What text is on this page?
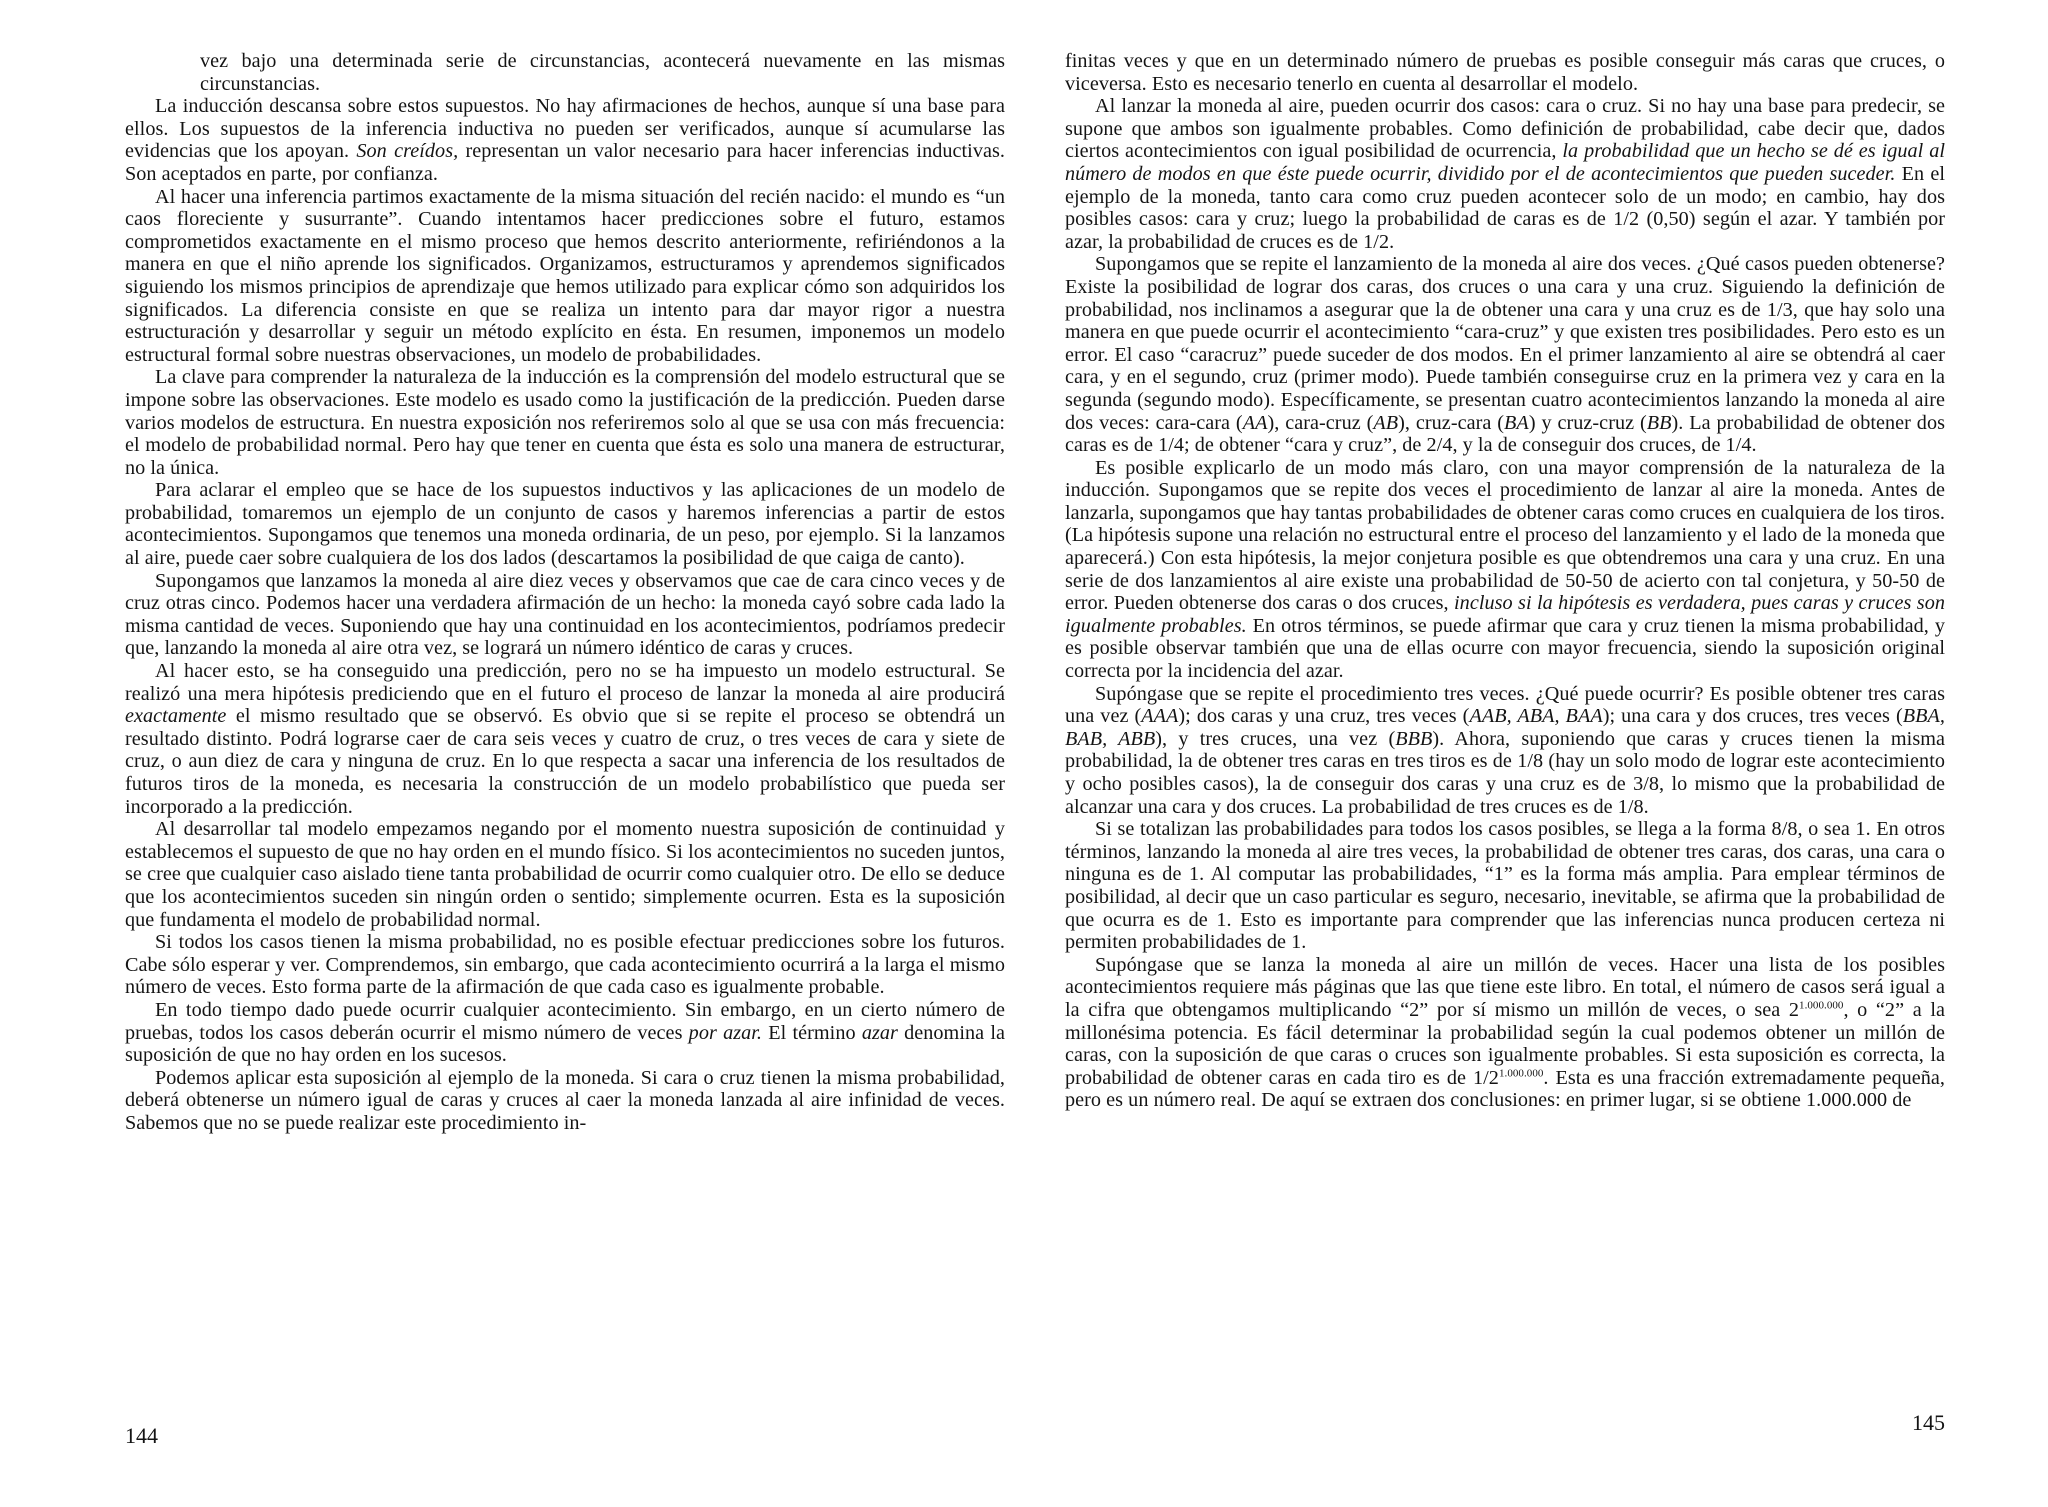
vez bajo una determinada serie de circunstancias, acontecerá nuevamente en las mismas circunstancias.

La inducción descansa sobre estos supuestos. No hay afirmaciones de hechos, aunque sí una base para ellos. Los supuestos de la inferencia inductiva no pueden ser verificados, aunque sí acumularse las evidencias que los apoyan. Son creídos, representan un valor necesario para hacer inferencias inductivas. Son aceptados en parte, por confianza.

Al hacer una inferencia partimos exactamente de la misma situación del recién nacido: el mundo es “un caos floreciente y susurrante”. Cuando intentamos hacer predicciones sobre el futuro, estamos comprometidos exactamente en el mismo proceso que hemos descrito anteriormente, refiriéndonos a la manera en que el niño aprende los significados. Organizamos, estructuramos y aprendemos significados siguiendo los mismos principios de aprendizaje que hemos utilizado para explicar cómo son adquiridos los significados. La diferencia consiste en que se realiza un intento para dar mayor rigor a nuestra estructuración y desarrollar y seguir un método explícito en ésta. En resumen, imponemos un modelo estructural formal sobre nuestras observaciones, un modelo de probabilidades.

La clave para comprender la naturaleza de la inducción es la comprensión del modelo estructural que se impone sobre las observaciones. Este modelo es usado como la justificación de la predicción. Pueden darse varios modelos de estructura. En nuestra exposición nos referiremos solo al que se usa con más frecuencia: el modelo de probabilidad normal. Pero hay que tener en cuenta que ésta es solo una manera de estructurar, no la única.

Para aclarar el empleo que se hace de los supuestos inductivos y las aplicaciones de un modelo de probabilidad, tomaremos un ejemplo de un conjunto de casos y haremos inferencias a partir de estos acontecimientos. Supongamos que tenemos una moneda ordinaria, de un peso, por ejemplo. Si la lanzamos al aire, puede caer sobre cualquiera de los dos lados (descartamos la posibilidad de que caiga de canto).

Supongamos que lanzamos la moneda al aire diez veces y observamos que cae de cara cinco veces y de cruz otras cinco. Podemos hacer una verdadera afirmación de un hecho: la moneda cayó sobre cada lado la misma cantidad de veces. Suponiendo que hay una continuidad en los acontecimientos, podríamos predecir que, lanzando la moneda al aire otra vez, se logrará un número idéntico de caras y cruces.

Al hacer esto, se ha conseguido una predicción, pero no se ha impuesto un modelo estructural. Se realizó una mera hipótesis prediciendo que en el futuro el proceso de lanzar la moneda al aire producirá exactamente el mismo resultado que se observó. Es obvio que si se repite el proceso se obtendrá un resultado distinto. Podrá lograrse caer de cara seis veces y cuatro de cruz, o tres veces de cara y siete de cruz, o aun diez de cara y ninguna de cruz. En lo que respecta a sacar una inferencia de los resultados de futuros tiros de la moneda, es necesaria la construcción de un modelo probabilístico que pueda ser incorporado a la predicción.

Al desarrollar tal modelo empezamos negando por el momento nuestra suposición de continuidad y establecemos el supuesto de que no hay orden en el mundo físico. Si los acontecimientos no suceden juntos, se cree que cualquier caso aislado tiene tanta probabilidad de ocurrir como cualquier otro. De ello se deduce que los acontecimientos suceden sin ningún orden o sentido; simplemente ocurren. Esta es la suposición que fundamenta el modelo de probabilidad normal.

Si todos los casos tienen la misma probabilidad, no es posible efectuar predicciones sobre los futuros. Cabe sólo esperar y ver. Comprendemos, sin embargo, que cada acontecimiento ocurrirá a la larga el mismo número de veces. Esto forma parte de la afirmación de que cada caso es igualmente probable.

En todo tiempo dado puede ocurrir cualquier acontecimiento. Sin embargo, en un cierto número de pruebas, todos los casos deberán ocurrir el mismo número de veces por azar. El término azar denomina la suposición de que no hay orden en los sucesos.

Podemos aplicar esta suposición al ejemplo de la moneda. Si cara o cruz tienen la misma probabilidad, deberá obtenerse un número igual de caras y cruces al caer la moneda lanzada al aire infinidad de veces. Sabemos que no se puede realizar este procedimiento in-

144

finitas veces y que en un determinado número de pruebas es posible conseguir más caras que cruces, o viceversa. Esto es necesario tenerlo en cuenta al desarrollar el modelo.

Al lanzar la moneda al aire, pueden ocurrir dos casos: cara o cruz. Si no hay una base para predecir, se supone que ambos son igualmente probables. Como definición de probabilidad, cabe decir que, dados ciertos acontecimientos con igual posibilidad de ocurrencia, la probabilidad que un hecho se dé es igual al número de modos en que éste puede ocurrir, dividido por el de acontecimientos que pueden suceder. En el ejemplo de la moneda, tanto cara como cruz pueden acontecer solo de un modo; en cambio, hay dos posibles casos: cara y cruz; luego la probabilidad de caras es de 1/2 (0,50) según el azar. Y también por azar, la probabilidad de cruces es de 1/2.

Supongamos que se repite el lanzamiento de la moneda al aire dos veces. ¿Qué casos pueden obtenerse? Existe la posibilidad de lograr dos caras, dos cruces o una cara y una cruz. Siguiendo la definición de probabilidad, nos inclinamos a asegurar que la de obtener una cara y una cruz es de 1/3, que hay solo una manera en que puede ocurrir el acontecimiento “cara-cruz” y que existen tres posibilidades. Pero esto es un error. El caso “caracruz” puede suceder de dos modos. En el primer lanzamiento al aire se obtendrá al caer cara, y en el segundo, cruz (primer modo). Puede también conseguirse cruz en la primera vez y cara en la segunda (segundo modo). Específicamente, se presentan cuatro acontecimientos lanzando la moneda al aire dos veces: cara-cara (AA), cara-cruz (AB), cruz-cara (BA) y cruz-cruz (BB). La probabilidad de obtener dos caras es de 1/4; de obtener “cara y cruz”, de 2/4, y la de conseguir dos cruces, de 1/4.

Es posible explicarlo de un modo más claro, con una mayor comprensión de la naturaleza de la inducción. Supongamos que se repite dos veces el procedimiento de lanzar al aire la moneda. Antes de lanzarla, supongamos que hay tantas probabilidades de obtener caras como cruces en cualquiera de los tiros. (La hipótesis supone una relación no estructural entre el proceso del lanzamiento y el lado de la moneda que aparecerá.) Con esta hipótesis, la mejor conjetura posible es que obtendremos una cara y una cruz. En una serie de dos lanzamientos al aire existe una probabilidad de 50-50 de acierto con tal conjetura, y 50-50 de error. Pueden obtenerse dos caras o dos cruces, incluso si la hipótesis es verdadera, pues caras y cruces son igualmente probables. En otros términos, se puede afirmar que cara y cruz tienen la misma probabilidad, y es posible observar también que una de ellas ocurre con mayor frecuencia, siendo la suposición original correcta por la incidencia del azar.

Supóngase que se repite el procedimiento tres veces. ¿Qué puede ocurrir? Es posible obtener tres caras una vez (AAA); dos caras y una cruz, tres veces (AAB, ABA, BAA); una cara y dos cruces, tres veces (BBA, BAB, ABB), y tres cruces, una vez (BBB). Ahora, suponiendo que caras y cruces tienen la misma probabilidad, la de obtener tres caras en tres tiros es de 1/8 (hay un solo modo de lograr este acontecimiento y ocho posibles casos), la de conseguir dos caras y una cruz es de 3/8, lo mismo que la probabilidad de alcanzar una cara y dos cruces. La probabilidad de tres cruces es de 1/8.

Si se totalizan las probabilidades para todos los casos posibles, se llega a la forma 8/8, o sea 1. En otros términos, lanzando la moneda al aire tres veces, la probabilidad de obtener tres caras, dos caras, una cara o ninguna es de 1. Al computar las probabilidades, “1” es la forma más amplia. Para emplear términos de posibilidad, al decir que un caso particular es seguro, necesario, inevitable, se afirma que la probabilidad de que ocurra es de 1. Esto es importante para comprender que las inferencias nunca producen certeza ni permiten probabilidades de 1.

Supóngase que se lanza la moneda al aire un millón de veces. Hacer una lista de los posibles acontecimientos requiere más páginas que las que tiene este libro. En total, el número de casos será igual a la cifra que obtengamos multiplicando “2” por sí mismo un millón de veces, o sea $2^{1.000.000}$, o “2” a la millonésima potencia. Es fácil determinar la probabilidad según la cual podemos obtener un millón de caras, con la suposición de que caras o cruces son igualmente probables. Si esta suposición es correcta, la probabilidad de obtener caras en cada tiro es de $1/2^{1.000.000}$. Esta es una fracción extremadamente pequeña, pero es un número real. De aquí se extraen dos conclusiones: en primer lugar, si se obtiene 1.000.000 de

145
